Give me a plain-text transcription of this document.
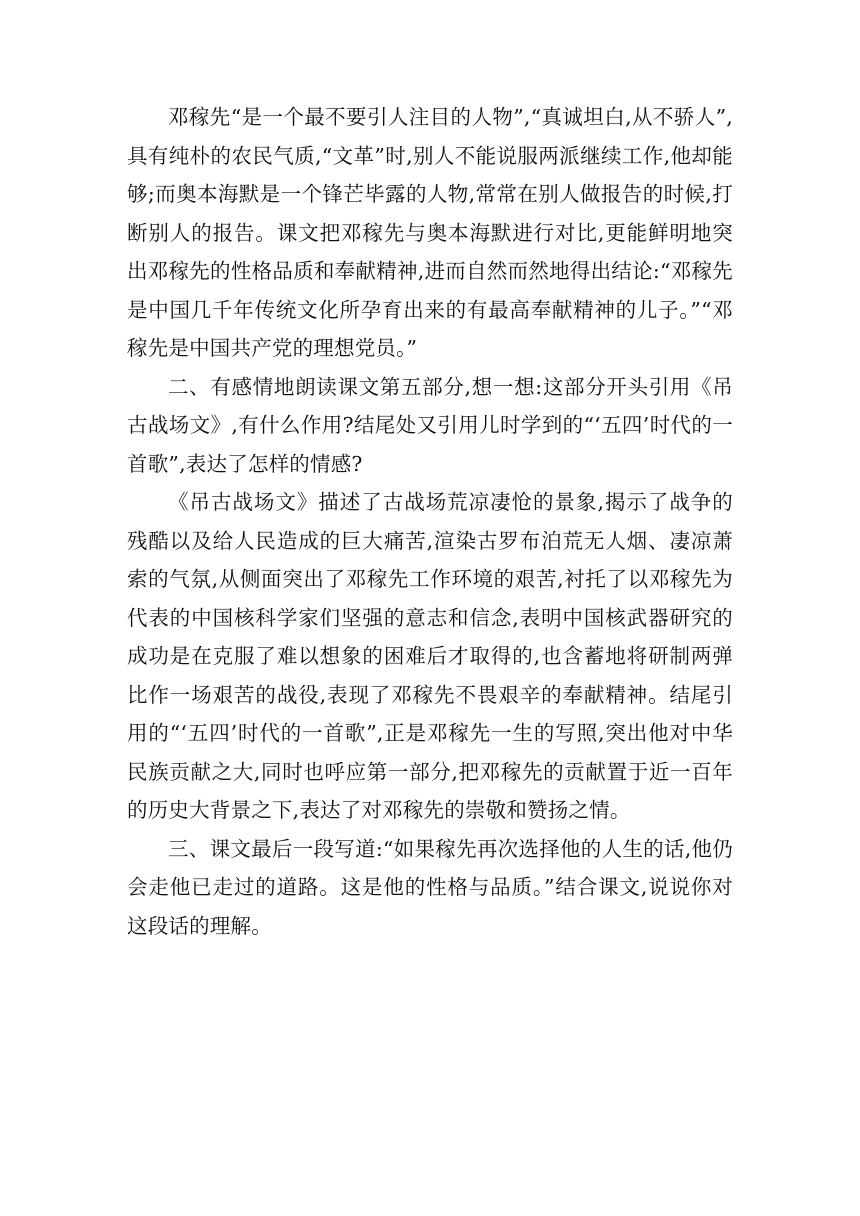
邓稼先“是一个最不要引人注目的人物”,“真诚坦白,从不骄人”,具有纯朴的农民气质,“文革”时,别人不能说服两派继续工作,他却能够;而奥本海默是一个锋芒毕露的人物,常常在别人做报告的时候,打断别人的报告。课文把邓稼先与奥本海默进行对比,更能鲜明地突出邓稼先的性格品质和奉献精神,进而自然而然地得出结论:“邓稼先是中国几千年传统文化所孕育出来的有最高奉献精神的儿子。”“邓稼先是中国共产党的理想党员。”

二、有感情地朗读课文第五部分,想一想:这部分开头引用《吊古战场文》,有什么作用?结尾处又引用儿时学到的“‘五四’时代的一首歌”,表达了怎样的情感?

《吊古战场文》描述了古战场荒凉凄怆的景象,揭示了战争的残酷以及给人民造成的巨大痛苦,渲染古罗布泊荒无人烟、凄凉萧索的气氛,从侧面突出了邓稼先工作环境的艰苦,衬托了以邓稼先为代表的中国核科学家们坚强的意志和信念,表明中国核武器研究的成功是在克服了难以想象的困难后才取得的,也含蓄地将研制两弹比作一场艰苦的战役,表现了邓稼先不畏艰辛的奉献精神。结尾引用的“‘五四’时代的一首歌”,正是邓稼先一生的写照,突出他对中华民族贡献之大,同时也呼应第一部分,把邓稼先的贡献置于近一百年的历史大背景之下,表达了对邓稼先的崇敬和赞扬之情。

三、课文最后一段写道:“如果稼先再次选择他的人生的话,他仍会走他已走过的道路。这是他的性格与品质。”结合课文,说说你对这段话的理解。
